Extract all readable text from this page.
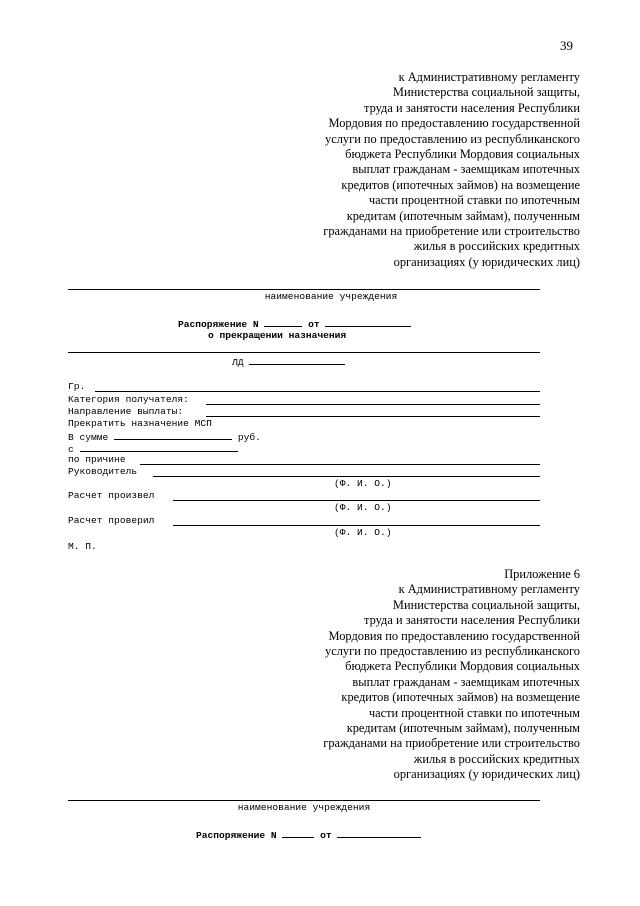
39
к Административному регламенту
Министерства социальной защиты,
труда и занятости населения Республики
Мордовия по предоставлению государственной
услуги по предоставлению из республиканского
бюджета Республики Мордовия социальных
выплат гражданам - заемщикам ипотечных
кредитов (ипотечных займов) на возмещение
части процентной ставки по ипотечным
кредитам (ипотечным займам), полученным
гражданами на приобретение или строительство
жилья в российских кредитных
организациях (у юридических лиц)
наименование учреждения
Распоряжение N	от
о прекращении назначения
ЛД
Гр.
Категория получателя:
Направление выплаты:
Прекратить назначение МСП
В сумме	руб.
с
по причине
Руководитель
(Ф. И. О.)
Расчет произвел
(Ф. И. О.)
Расчет проверил
(Ф. И. О.)
М. П.
Приложение 6
к Административному регламенту
Министерства социальной защиты,
труда и занятости населения Республики
Мордовия по предоставлению государственной
услуги по предоставлению из республиканского
бюджета Республики Мордовия социальных
выплат гражданам - заемщикам ипотечных
кредитов (ипотечных займов) на возмещение
части процентной ставки по ипотечным
кредитам (ипотечным займам), полученным
гражданами на приобретение или строительство
жилья в российских кредитных
организациях (у юридических лиц)
наименование учреждения
Распоряжение N	от
